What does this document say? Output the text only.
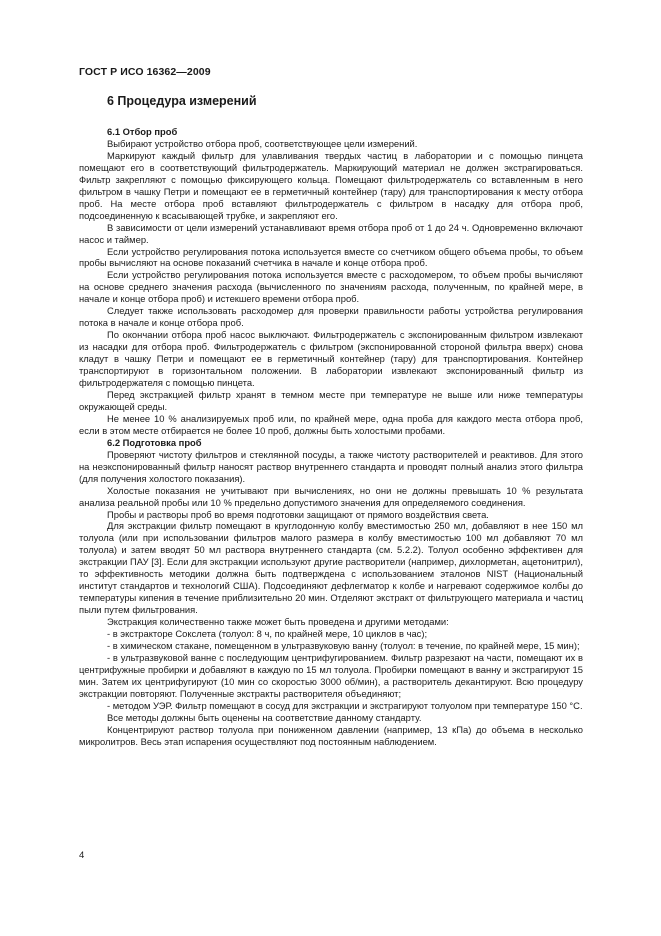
ГОСТ Р ИСО 16362—2009
6 Процедура измерений

6.1 Отбор проб

Выбирают устройство отбора проб, соответствующее цели измерений.

Маркируют каждый фильтр для улавливания твердых частиц в лаборатории и с помощью пинцета помещают его в соответствующий фильтродержатель. Маркирующий материал не должен экстрагироваться. Фильтр закрепляют с помощью фиксирующего кольца. Помещают фильтродержатель со вставленным в него фильтром в чашку Петри и помещают ее в герметичный контейнер (тару) для транспортирования к месту отбора проб. На месте отбора проб вставляют фильтродержатель с фильтром в насадку для отбора проб, подсоединенную к всасывающей трубке, и закрепляют его.

В зависимости от цели измерений устанавливают время отбора проб от 1 до 24 ч. Одновременно включают насос и таймер.

Если устройство регулирования потока используется вместе со счетчиком общего объема пробы, то объем пробы вычисляют на основе показаний счетчика в начале и конце отбора проб.

Если устройство регулирования потока используется вместе с расходомером, то объем пробы вычисляют на основе среднего значения расхода (вычисленного по значениям расхода, полученным, по крайней мере, в начале и конце отбора проб) и истекшего времени отбора проб.

Следует также использовать расходомер для проверки правильности работы устройства регулирования потока в начале и конце отбора проб.

По окончании отбора проб насос выключают. Фильтродержатель с экспонированным фильтром извлекают из насадки для отбора проб. Фильтродержатель с фильтром (экспонированной стороной фильтра вверх) снова кладут в чашку Петри и помещают ее в герметичный контейнер (тару) для транспортирования. Контейнер транспортируют в горизонтальном положении. В лаборатории извлекают экспонированный фильтр из фильтродержателя с помощью пинцета.

Перед экстракцией фильтр хранят в темном месте при температуре не выше или ниже температуры окружающей среды.

Не менее 10 % анализируемых проб или, по крайней мере, одна проба для каждого места отбора проб, если в этом месте отбирается не более 10 проб, должны быть холостыми пробами.

6.2 Подготовка проб

Проверяют чистоту фильтров и стеклянной посуды, а также чистоту растворителей и реактивов. Для этого на неэкспонированный фильтр наносят раствор внутреннего стандарта и проводят полный анализ этого фильтра (для получения холостого показания).

Холостые показания не учитывают при вычислениях, но они не должны превышать 10 % результата анализа реальной пробы или 10 % предельно допустимого значения для определяемого соединения.

Пробы и растворы проб во время подготовки защищают от прямого воздействия света.

Для экстракции фильтр помещают в круглодонную колбу вместимостью 250 мл, добавляют в нее 150 мл толуола (или при использовании фильтров малого размера в колбу вместимостью 100 мл добавляют 70 мл толуола) и затем вводят 50 мл раствора внутреннего стандарта (см. 5.2.2). Толуол особенно эффективен для экстракции ПАУ [3]. Если для экстракции используют другие растворители (например, дихлорметан, ацетонитрил), то эффективность методики должна быть подтверждена с использованием эталонов NIST (Национальный институт стандартов и технологий США). Подсоединяют дефлегматор к колбе и нагревают содержимое колбы до температуры кипения в течение приблизительно 20 мин. Отделяют экстракт от фильтрующего материала и частиц пыли путем фильтрования.

Экстракция количественно также может быть проведена и другими методами:

- в экстракторе Сокслета (толуол: 8 ч, по крайней мере, 10 циклов в час);

- в химическом стакане, помещенном в ультразвуковую ванну (толуол: в течение, по крайней мере, 15 мин);

- в ультразвуковой ванне с последующим центрифугированием. Фильтр разрезают на части, помещают их в центрифужные пробирки и добавляют в каждую по 15 мл толуола. Пробирки помещают в ванну и экстрагируют 15 мин. Затем их центрифугируют (10 мин со скоростью 3000 об/мин), а растворитель декантируют. Всю процедуру экстракции повторяют. Полученные экстракты растворителя объединяют;

- методом УЭР. Фильтр помещают в сосуд для экстракции и экстрагируют толуолом при температуре 150 °С.

Все методы должны быть оценены на соответствие данному стандарту.

Концентрируют раствор толуола при пониженном давлении (например, 13 кПа) до объема в несколько микролитров. Весь этап испарения осуществляют под постоянным наблюдением.

4
